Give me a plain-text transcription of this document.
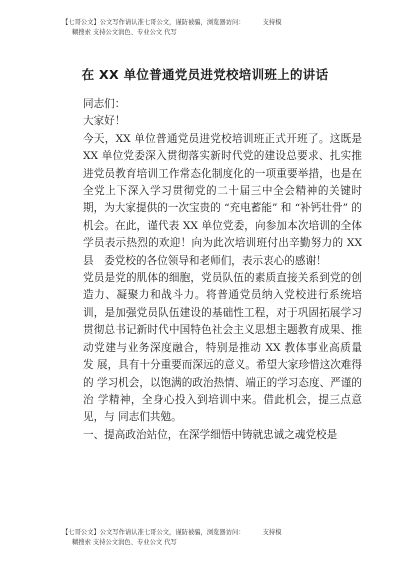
【七哥公文】公文写作请认准七哥公文，谨防被骗，浏览器访问：	支持模
糊搜索 支持公文润色、专业公文 代写
在 XX 单位普通党员进党校培训班上的讲话

同志们：

大家好！

今天，XX 单位普通党员进党校培训班正式开班了。这既是 XX 单位党委深入贯彻落实新时代党的建设总要求、扎实推进党员教育培训工作常态化制度化的一项重要举措，也是在全党上下深入学习贯彻党的二十届三中全会精神的关键时期，为大家提供的一次宝贵的 “充电蓄能” 和 “补钙壮骨” 的机会。在此，谨代表 XX 单位党委，向参加本次培训的全体　学员表示热烈的欢迎！向为此次培训班付出辛勤努力的 XX 县　委党校的各位领导和老师们，表示衷心的感谢！

党员是党的肌体的细胞，党员队伍的素质直接关系到党的创造力、凝聚力和战斗力。将普通党员纳入党校进行系统培训，是加强党员队伍建设的基础性工程，对于巩固拓展学习贯彻总书记新时代中国特色社会主义思想主题教育成果、推动党建与业务深度融合，特别是推动 XX 教体事业高质量 发 展，具有十分重要而深远的意义。希望大家珍惜这次难得的 学习机会，以饱满的政治热情、端正的学习态度、严谨的治 学精神，全身心投入到培训中来。借此机会，提三点意见，与 同志们共勉。

一、提高政治站位，在深学细悟中铸就忠诚之魂党校是

【七哥公文】公文写作请认准七哥公文，谨防被骗，浏览器访问：	支持模
糊搜索 支持公文润色、专业公文 代写
